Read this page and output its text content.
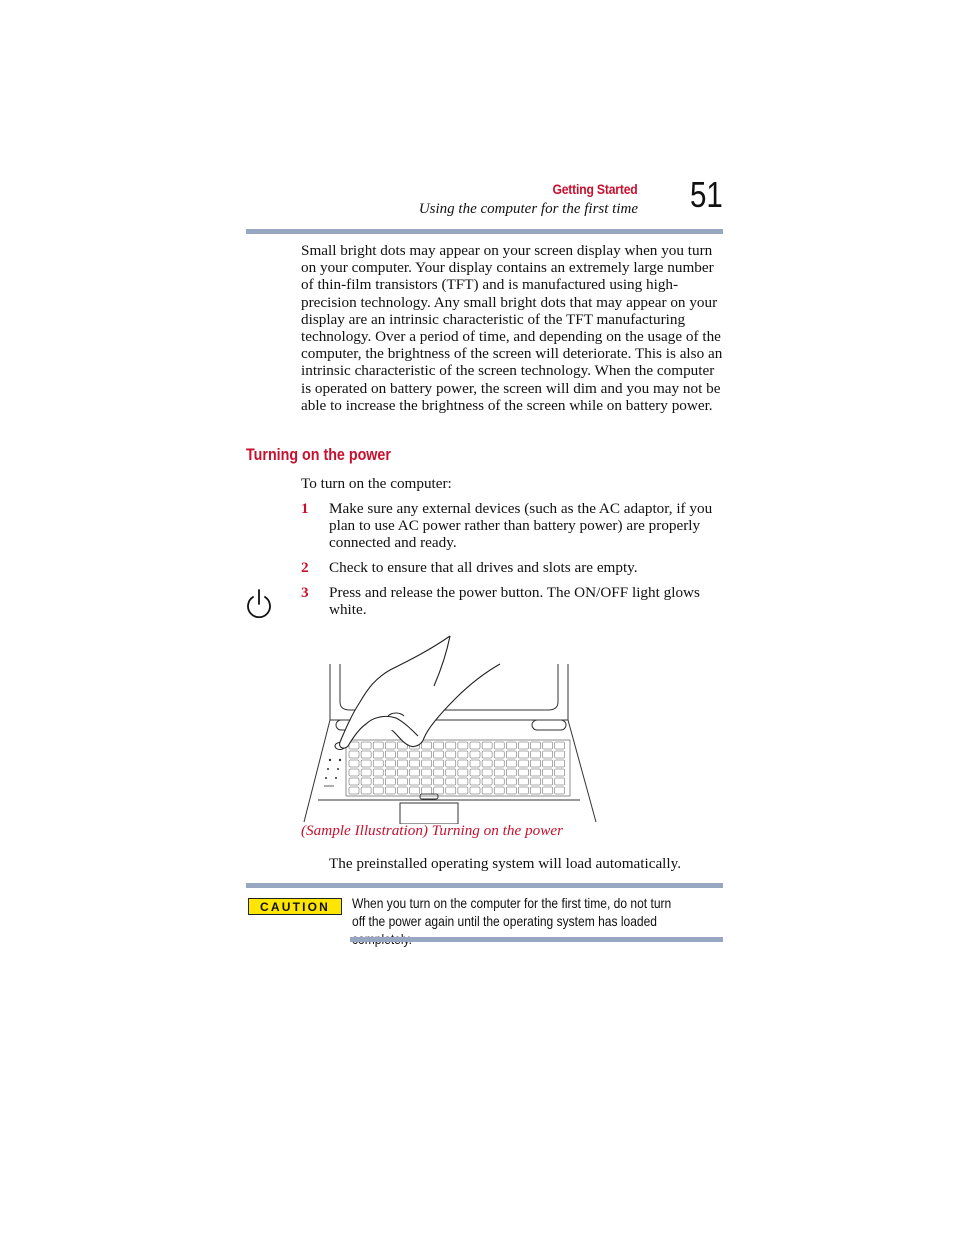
Getting Started
Using the computer for the first time 51
Small bright dots may appear on your screen display when you turn on your computer. Your display contains an extremely large number of thin-film transistors (TFT) and is manufactured using high-precision technology. Any small bright dots that may appear on your display are an intrinsic characteristic of the TFT manufacturing technology. Over a period of time, and depending on the usage of the computer, the brightness of the screen will deteriorate. This is also an intrinsic characteristic of the screen technology. When the computer is operated on battery power, the screen will dim and you may not be able to increase the brightness of the screen while on battery power.
Turning on the power
To turn on the computer:
1 Make sure any external devices (such as the AC adaptor, if you plan to use AC power rather than battery power) are properly connected and ready.
2 Check to ensure that all drives and slots are empty.
3 Press and release the power button. The ON/OFF light glows white.
(Sample Illustration) Turning on the power
The preinstalled operating system will load automatically.
CAUTION	When you turn on the computer for the first time, do not turn off the power again until the operating system has loaded
